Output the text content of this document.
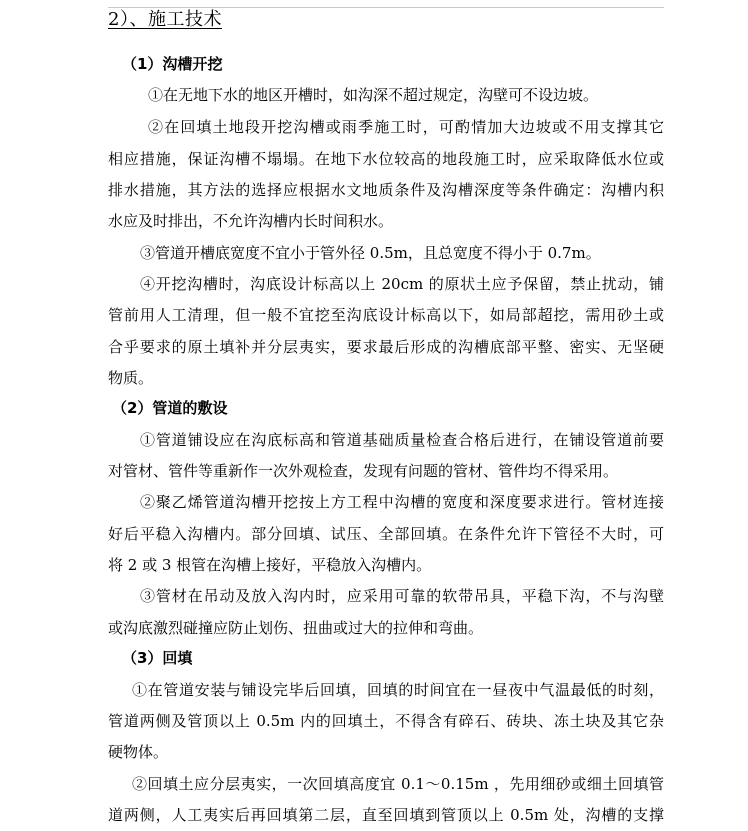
2）、施工技术
（1）沟槽开挖
①在无地下水的地区开槽时，如沟深不超过规定，沟壁可不设边坡。
②在回填土地段开挖沟槽或雨季施工时，可酌情加大边坡或不用支撑其它
相应措施，保证沟槽不塌塌。在地下水位较高的地段施工时，应采取降低水位或
排水措施，其方法的选择应根据水文地质条件及沟槽深度等条件确定：沟槽内积
水应及时排出，不允许沟槽内长时间积水。
③管道开槽底宽度不宜小于管外径 0.5m，且总宽度不得小于 0.7m。
④开挖沟槽时，沟底设计标高以上 20cm 的原状土应予保留，禁止扰动，铺
管前用人工清理，但一般不宜挖至沟底设计标高以下，如局部超挖，需用砂土或
合乎要求的原土填补并分层夷实，要求最后形成的沟槽底部平整、密实、无坚硬
物质。
（2）管道的敷设
①管道铺设应在沟底标高和管道基础质量检查合格后进行，在铺设管道前要
对管材、管件等重新作一次外观检查，发现有问题的管材、管件均不得采用。
②聚乙烯管道沟槽开挖按上方工程中沟槽的宽度和深度要求进行。管材连接
好后平稳入沟槽内。部分回填、试压、全部回填。在条件允许下管径不大时，可
将 2 或 3 根管在沟槽上接好，平稳放入沟槽内。
③管材在吊动及放入沟内时，应采用可靠的软带吊具，平稳下沟，不与沟壁
或沟底激烈碰撞应防止划伤、扭曲或过大的拉伸和弯曲。
（3）回填
①在管道安装与铺设完毕后回填，回填的时间宜在一昼夜中气温最低的时刻，
管道两侧及管顶以上 0.5m 内的回填土，不得含有碎石、砖块、冻土块及其它杂
硬物体。
②回填土应分层夷实，一次回填高度宜 0.1～0.15m ，先用细砂或细土回填管
道两侧，人工夷实后再回填第二层，直至回填到管顶以上 0.5m 处，沟槽的支撑
